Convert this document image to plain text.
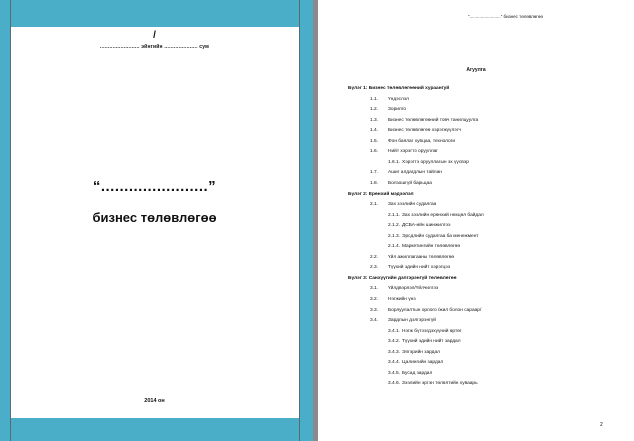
/
......................... эйнгийн ..................... сум
“.......................”
бизнес төлөвлөгөө
2014 он
“.........................” бизнес төлөвлөгөө
Агуулга
Бүлэг 1: Бизнес төлөвлөгөөний хураангуй
1.1. Үндэслэл
1.2. Зорилго
1.3. Бизнес төлөвлөгөөний товч танилцуулга
1.4. Бизнес төлөвлөгөө хэрэгжүүлэгч
1.5. Фон баялаг хувцаа, технологи
1.6. Нийт хэрэгтэ орууллаг
1.6.1. Хэрэгтэ орууллагын эх үүсвэр
1.7. Ашиг алдагдлын тайлан
1.8. Болзошгүй барьцаа
Бүлэг 2: Ерөнхий мэдээлэл
2.1. Зах зээлийн судалгаа
2.1.1. Зах зээлийн ерөнхий нөхцөл байдал
2.1.2. ДСБА-ийн шинжилгээ
2.1.3. Эрсдлийн судалгаа ба менежмент
2.1.4. Маркетингийн төлөвлөгөө
2.2. Үйл ажиллагааны төлөвлөгөө
2.3. Түүхий эдийн нийт хэрэгцээ
Бүлэг 3: Санхүүгийн дэлгэрэнгүй төлөвлөгөө
3.1. Үйлдвэрлэл/Үйлчилгээ
3.2. Нэгжийн үнэ
3.3. Борлуулалтын орлого /жил болон сараар/
3.4. Зардлын дэлгэрэнгүй
3.4.1. Нэгж бүтээгдэхүүний өртөг
3.4.2. Түүхий эдийн нийт зардал
3.4.3. Эпгэрийн зардал
3.4.4. Цалингийн зардал
3.4.5. Бусад зардал
3.4.6. Зээлийн эргэн төлөлтийн хуваарь
2
